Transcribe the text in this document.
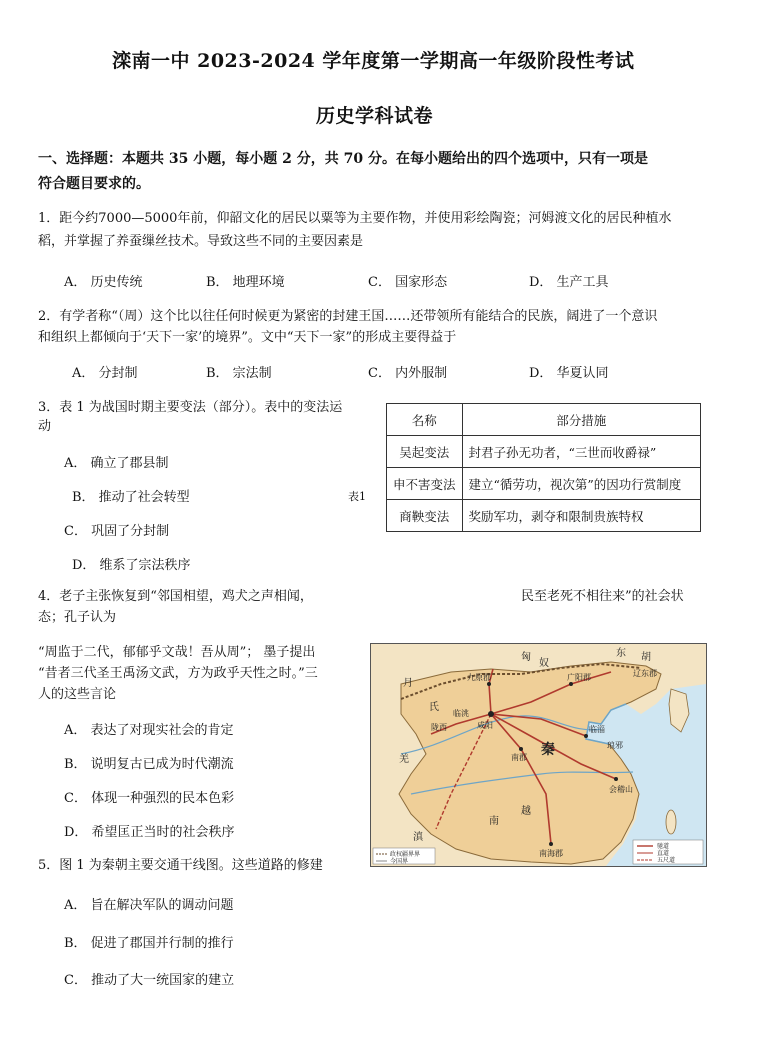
滦南一中 2023-2024 学年度第一学期高一年级阶段性考试
历史学科试卷
一、选择题：本题共 35 小题，每小题 2 分，共 70 分。在每小题给出的四个选项中，只有一项是
符合题目要求的。
1．距今约7000—5000年前，仰韶文化的居民以粟等为主要作物，并使用彩绘陶瓷；河姆渡文化的居民种植水
稻，并掌握了养蚕缫丝技术。导致这些不同的主要因素是
A． 历史传统	B． 地理环境	C． 国家形态	D． 生产工具
2．有学者称“（周）这个比以往任何时候更为紧密的封建王国……还带领所有能结合的民族，阔进了一个意识
和组织上都倾向于‘天下一家’的境界”。文中“天下一家”的形成主要得益于
A． 分封制	B． 宗法制	C． 内外服制	D． 华夏认同
3．表 1 为战国时期主要变法（部分）。表中的变法运
动
A． 确立了郡县制
B． 推动了社会转型
C． 巩固了分封制
D． 维系了宗法秩序
表1
名称	部分措施
吴起变法	封君子孙无功者，“三世而收爵禄”
申不害变法	建立“循劳功，视次第”的因功行赏制度
商鞅变法	奖励军功，剥夺和限制贵族特权
4．老子主张恢复到“邻国相望，鸡犬之声相闻，	民至老死不相往来”的社会状
态；孔子认为
“周监于二代，郁郁乎文哉！吾从周”； 墨子提出
“昔者三代圣王禹汤文武，方为政乎天性之时。”三
人的这些言论
A． 表达了对现实社会的肯定
B． 说明复古已成为时代潮流
C． 体现一种强烈的民本色彩
D． 希望匡正当时的社会秩序
5．图 1 为秦朝主要交通干线图。这些道路的修建
A． 旨在解决军队的调动问题
B． 促进了郡国并行制的推行
C． 推动了大一统国家的建立
匈
奴
东 胡
月
氏
羌
秦
咸阳	临淄
九原郡	广阳郡	辽东郡
陇西
临洮
南郡
会稽山
琅邪
南海郡
南
越
滇
政权疆界界
今国界
驰道
直道
五尺道
